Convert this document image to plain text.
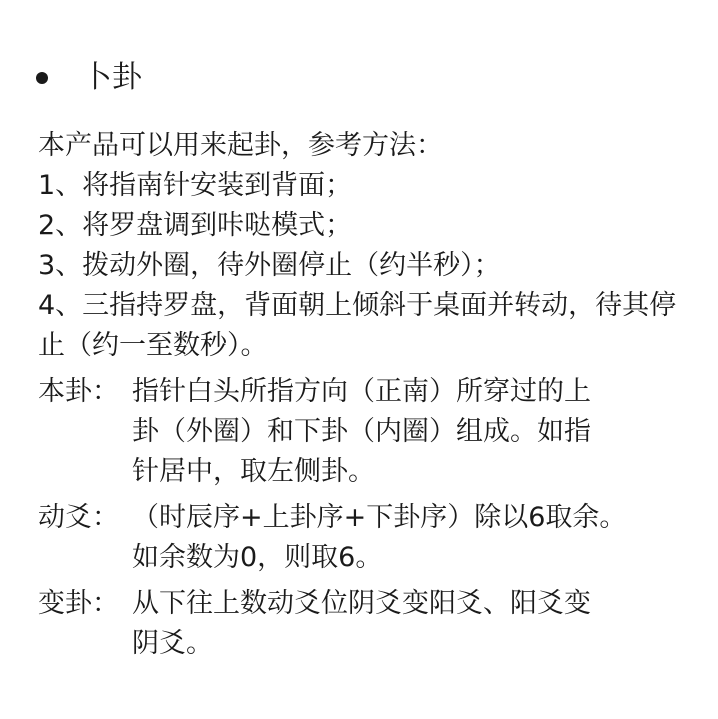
卜卦
本产品可以用来起卦，参考方法：
1、将指南针安装到背面；
2、将罗盘调到咔哒模式；
3、拨动外圈，待外圈停止（约半秒）；
4、三指持罗盘，背面朝上倾斜于桌面并转动，待其停止（约一至数秒）。
本卦： 指针白头所指方向（正南）所穿过的上
卦（外圈）和下卦（内圈）组成。如指
针居中，取左侧卦。
动爻： （时辰序+上卦序+下卦序）除以6取余。
如余数为0，则取6。
变卦： 从下往上数动爻位阴爻变阳爻、阳爻变
阴爻。
